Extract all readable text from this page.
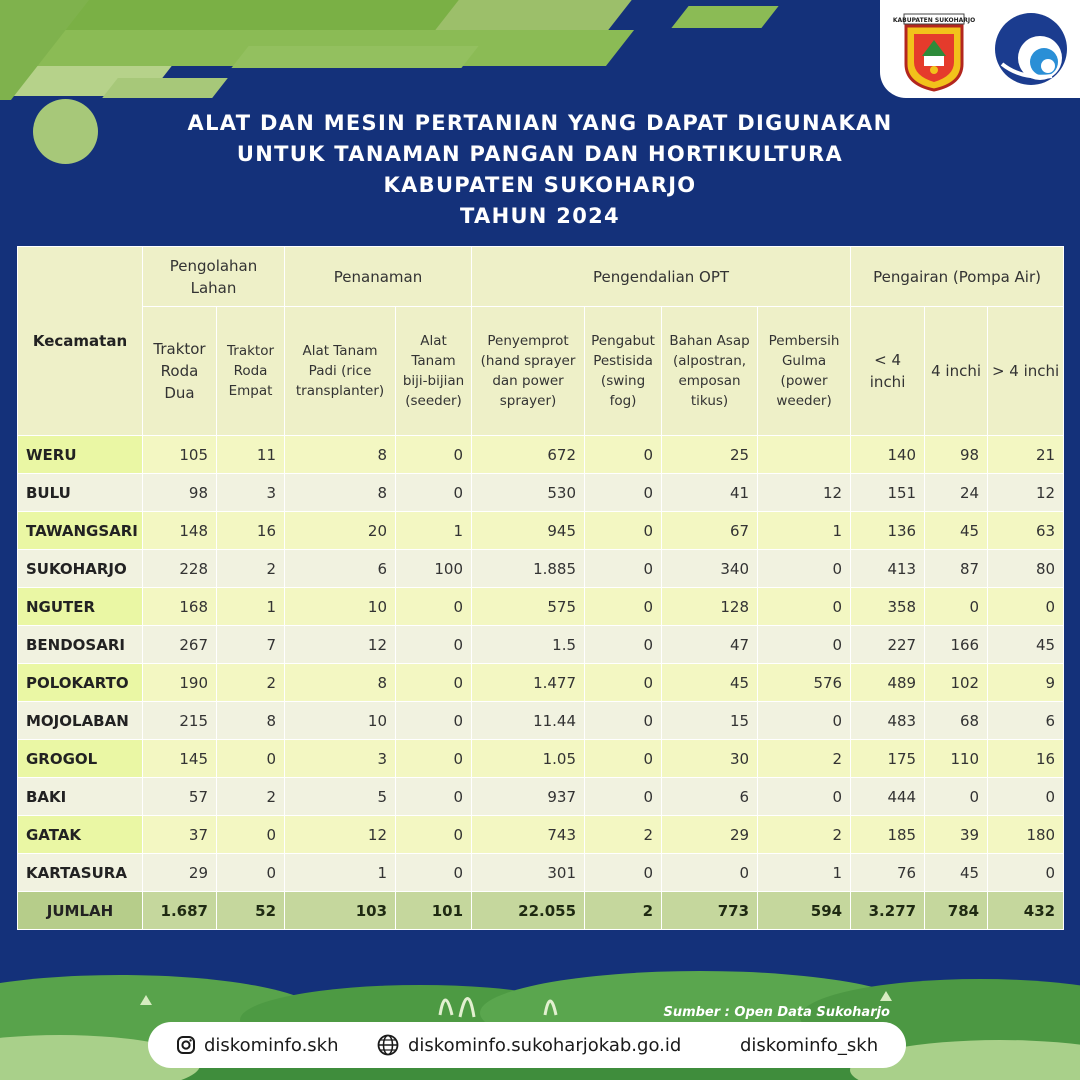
KABUPATEN SUKOHARJO
ALAT DAN MESIN PERTANIAN YANG DAPAT DIGUNAKAN
UNTUK TANAMAN PANGAN DAN HORTIKULTURA
KABUPATEN SUKOHARJO
TAHUN 2024
Kecamatan	Pengolahan Lahan		Penanaman		Pengendalian OPT				Pengairan (Pompa Air)		
	Traktor Roda Dua	Traktor Roda Empat	Alat Tanam Padi (rice transplanter)	Alat Tanam biji-bijian (seeder)	Penyemprot (hand sprayer dan power sprayer)	Pengabut Pestisida (swing fog)	Bahan Asap (alpostran, emposan tikus)	Pembersih Gulma (power weeder)	< 4 inchi	4 inchi	> 4 inchi
WERU	105	11	8	0	672	0	25		140	98	21
BULU	98	3	8	0	530	0	41	12	151	24	12
TAWANGSARI	148	16	20	1	945	0	67	1	136	45	63
SUKOHARJO	228	2	6	100	1.885	0	340	0	413	87	80
NGUTER	168	1	10	0	575	0	128	0	358	0	0
BENDOSARI	267	7	12	0	1.5	0	47	0	227	166	45
POLOKARTO	190	2	8	0	1.477	0	45	576	489	102	9
MOJOLABAN	215	8	10	0	11.44	0	15	0	483	68	6
GROGOL	145	0	3	0	1.05	0	30	2	175	110	16
BAKI	57	2	5	0	937	0	6	0	444	0	0
GATAK	37	0	12	0	743	2	29	2	185	39	180
KARTASURA	29	0	1	0	301	0	0	1	76	45	0
JUMLAH	1.687	52	103	101	22.055	2	773	594	3.277	784	432
Sumber : Open Data Sukoharjo
diskominfo.skh	diskominfo.sukoharjokab.go.id	diskominfo_skh
